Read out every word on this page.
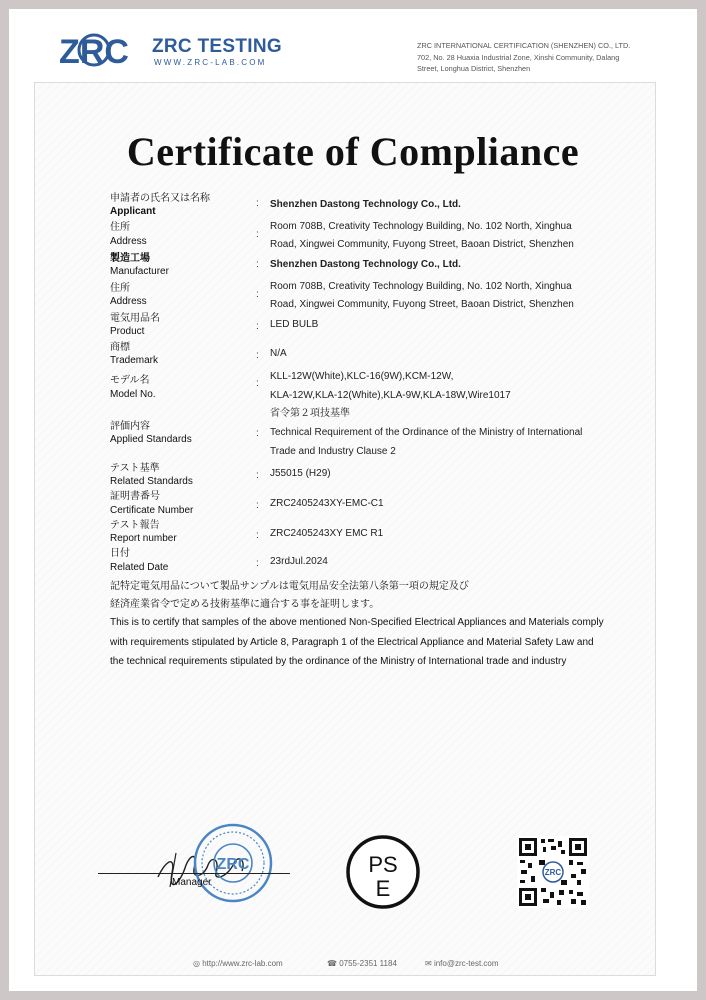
ZRC ZRC TESTING
WWW.ZRC-LAB.COM
ZRC INTERNATIONAL CERTIFICATION (SHENZHEN) CO., LTD.
702, No. 28 Huaxia Industrial Zone, Xinshi Community, Dalang
Street, Longhua District, Shenzhen
Certificate of Compliance
申請者の氏名又は名称
Applicant
: Shenzhen Dastong Technology Co., Ltd.
住所
Address
:
Room 708B, Creativity Technology Building, No. 102 North, Xinghua
Road, Xingwei Community, Fuyong Street, Baoan District, Shenzhen
製造工場
Manufacturer
: Shenzhen Dastong Technology Co., Ltd.
住所
Address
:
Room 708B, Creativity Technology Building, No. 102 North, Xinghua
Road, Xingwei Community, Fuyong Street, Baoan District, Shenzhen
電気用品名
Product	: LED BULB
商標
Trademark	: N/A
モデル名
Model No.
:
KLL-12W(White),KLC-16(9W),KCM-12W,
KLA-12W,KLA-12(White),KLA-9W,KLA-18W,Wire1017
評価内容
Applied Standards
:
省令第２項技基準
Technical Requirement of the Ordinance of the Ministry of International
Trade and Industry Clause 2
テスト基準
Related Standards
: J55015 (H29)
証明書番号
Certificate Number	: ZRC2405243XY-EMC-C1
テスト報告
Report number	: ZRC2405243XY EMC R1
日付
Related Date	: 23rdJul.2024
記特定電気用品について製品サンプルは電気用品安全法第八条第一項の規定及び
経済産業省令で定める技術基準に適合する事を証明します。
This is to certify that samples of the above mentioned Non-Specified Electrical Appliances and Materials comply with requirements stipulated by Article 8, Paragraph 1 of the Electrical Appliance and Material Safety Law and the technical requirements stipulated by the ordinance of the Ministry of International trade and industry
ZRC
Manager
PS
E
ZRC
◎ http://www.zrc-lab.com	☎ 0755-2351 1184	✉ info@zrc-test.com
